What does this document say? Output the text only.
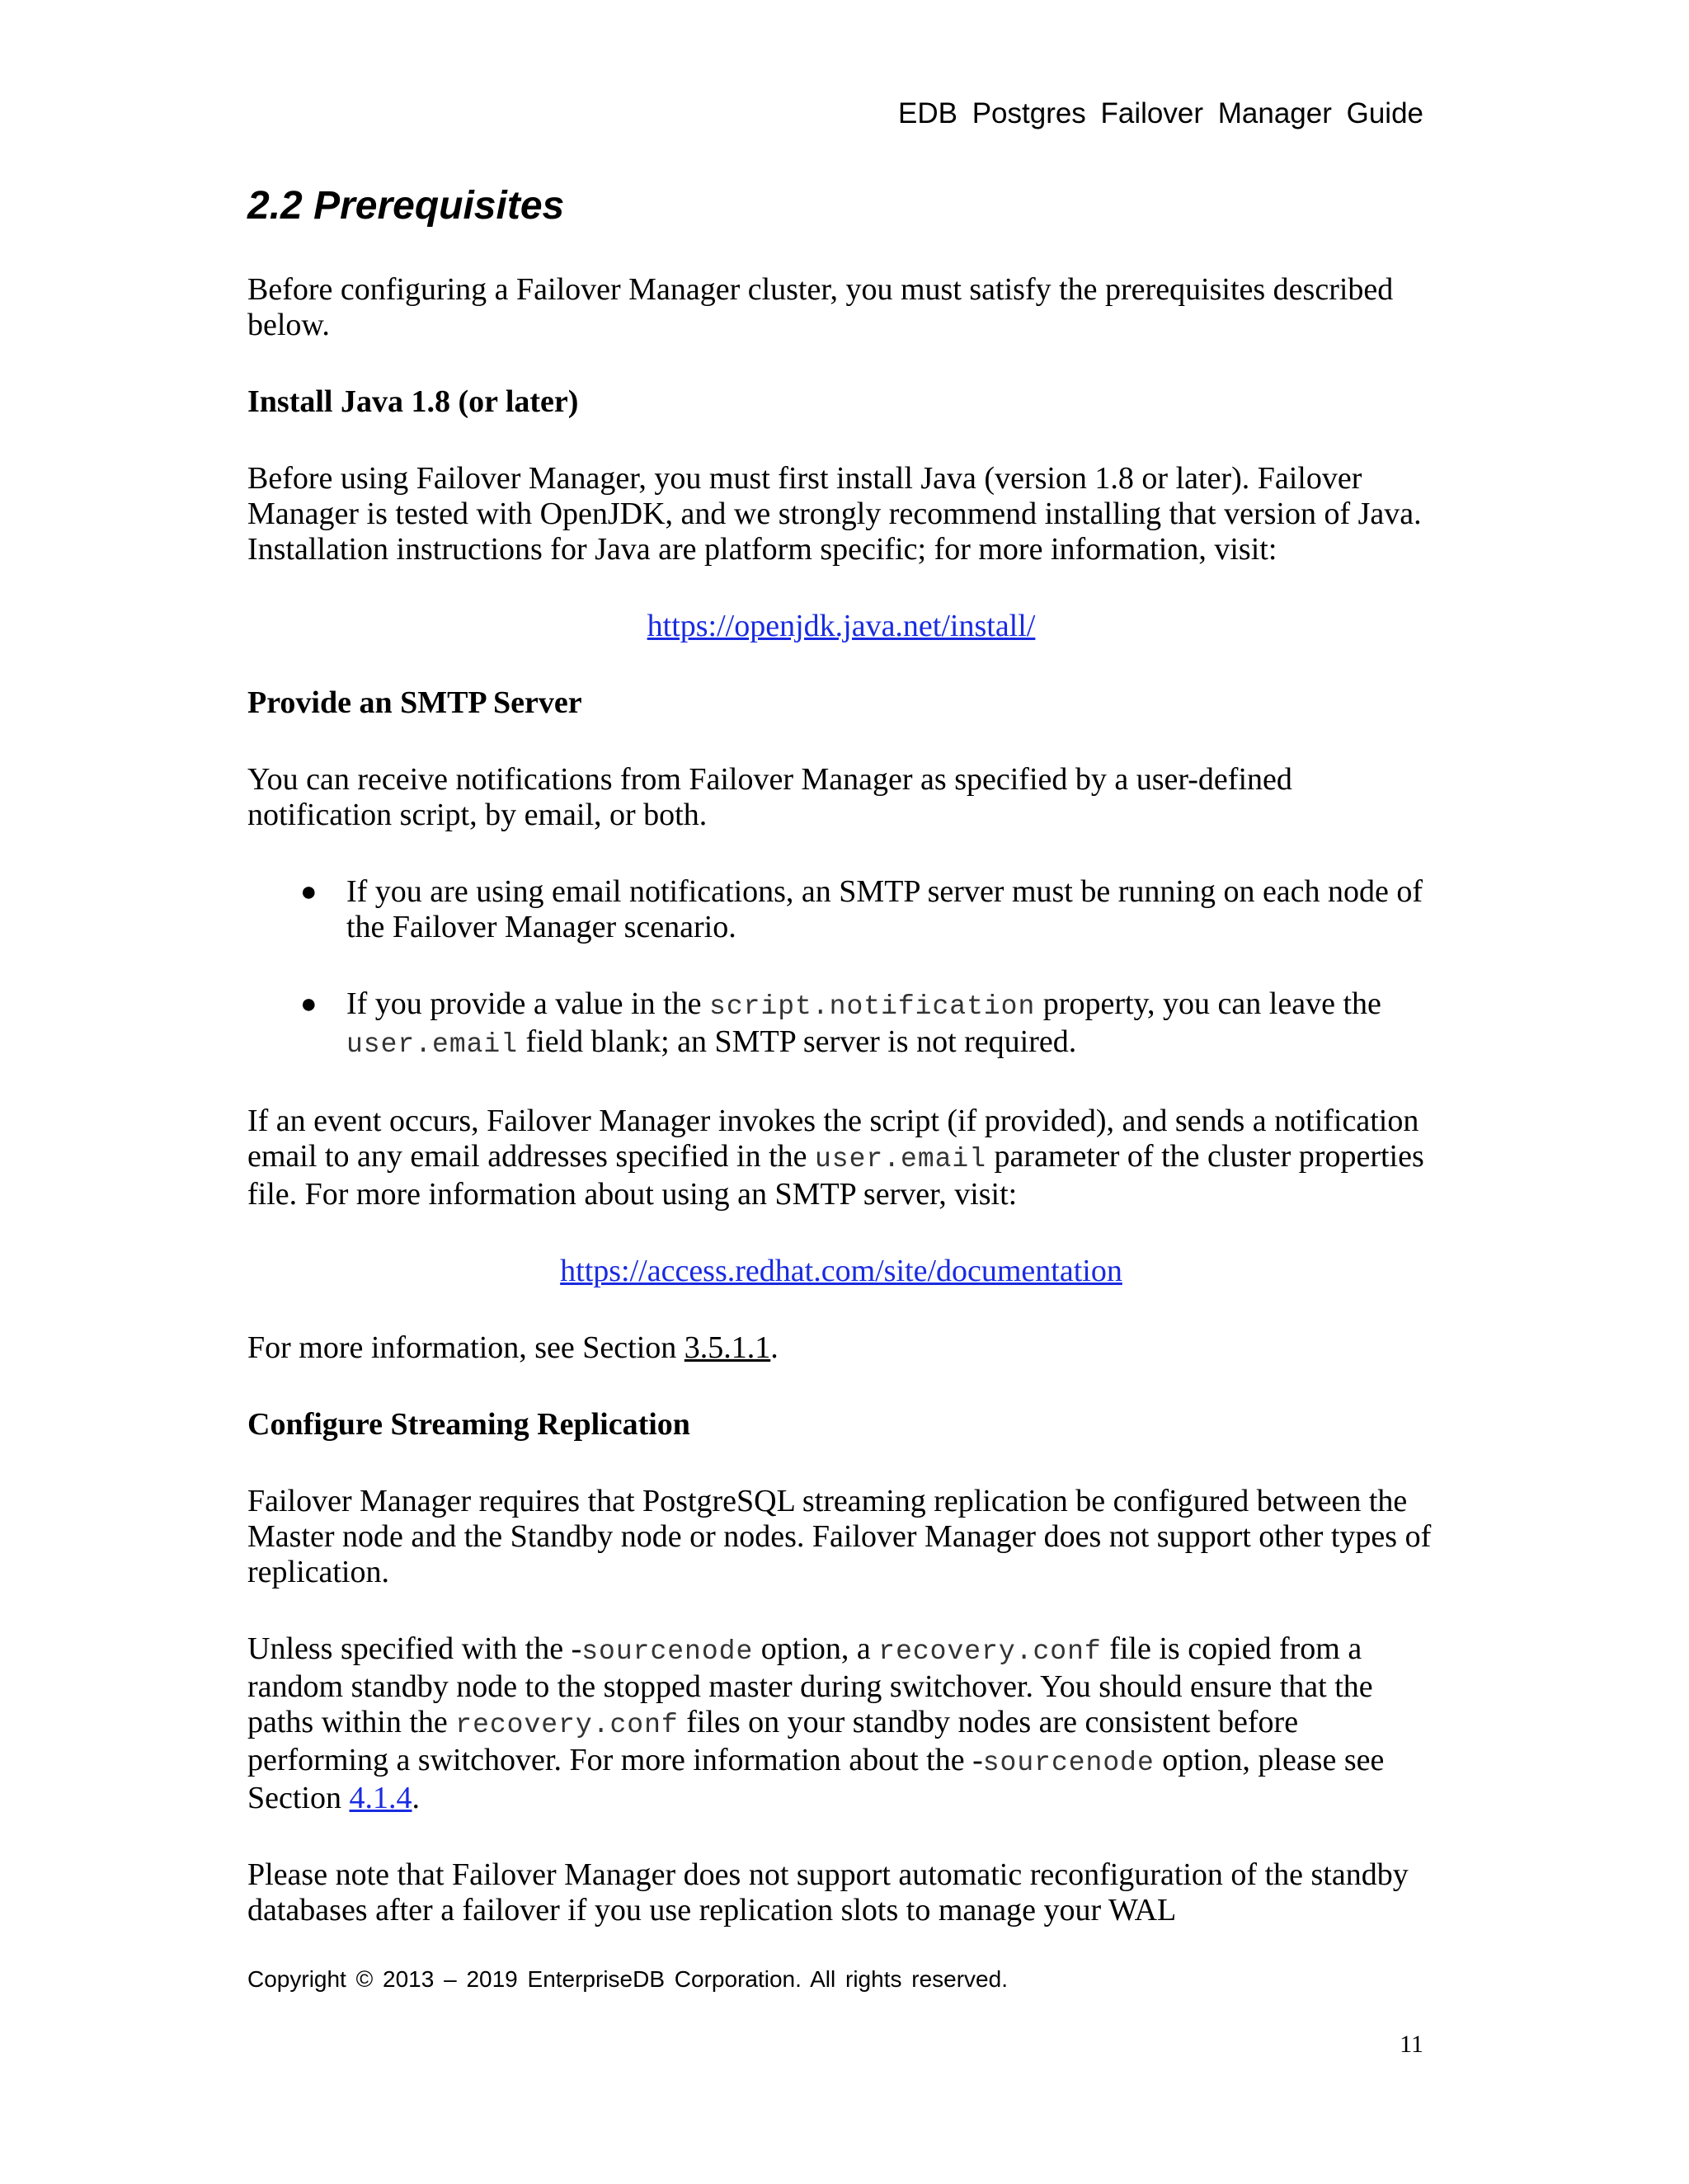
EDB Postgres Failover Manager Guide
2.2 Prerequisites

Before configuring a Failover Manager cluster, you must satisfy the prerequisites described below.

Install Java 1.8 (or later)

Before using Failover Manager, you must first install Java (version 1.8 or later). Failover Manager is tested with OpenJDK, and we strongly recommend installing that version of Java. Installation instructions for Java are platform specific; for more information, visit:

https://openjdk.java.net/install/

Provide an SMTP Server

You can receive notifications from Failover Manager as specified by a user-defined notification script, by email, or both.

● If you are using email notifications, an SMTP server must be running on each node of the Failover Manager scenario.
● If you provide a value in the script.notification property, you can leave the user.email field blank; an SMTP server is not required.

If an event occurs, Failover Manager invokes the script (if provided), and sends a notification email to any email addresses specified in the user.email parameter of the cluster properties file. For more information about using an SMTP server, visit:

https://access.redhat.com/site/documentation

For more information, see Section 3.5.1.1.

Configure Streaming Replication

Failover Manager requires that PostgreSQL streaming replication be configured between the Master node and the Standby node or nodes. Failover Manager does not support other types of replication.

Unless specified with the -sourcenode option, a recovery.conf file is copied from a random standby node to the stopped master during switchover. You should ensure that the paths within the recovery.conf files on your standby nodes are consistent before performing a switchover. For more information about the -sourcenode option, please see Section 4.1.4.

Please note that Failover Manager does not support automatic reconfiguration of the standby databases after a failover if you use replication slots to manage your WAL

Copyright © 2013 – 2019 EnterpriseDB Corporation. All rights reserved.
11
